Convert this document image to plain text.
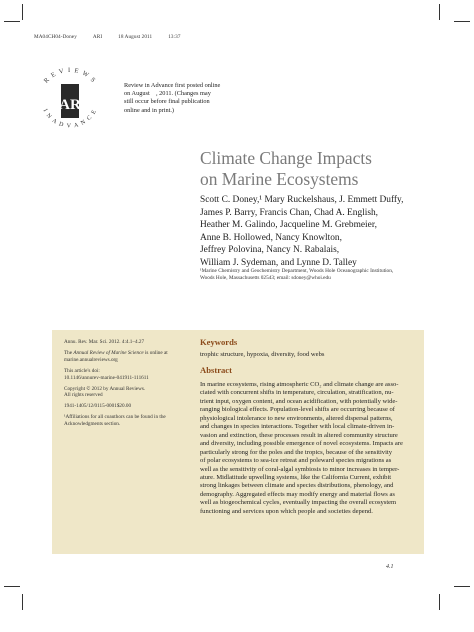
MA04CH04-Doney	ARI	18 August 2011	13:37
R E V I E W S
I N A D V A N C E
AR
Review in Advance first posted online
on August    , 2011. (Changes may
still occur before final publication
online and in print.)
Climate Change Impacts
on Marine Ecosystems
Scott C. Doney,¹ Mary Ruckelshaus, J. Emmett Duffy,
James P. Barry, Francis Chan, Chad A. English,
Heather M. Galindo, Jacqueline M. Grebmeier,
Anne B. Hollowed, Nancy Knowlton,
Jeffrey Polovina, Nancy N. Rabalais,
William J. Sydeman, and Lynne D. Talley
¹Marine Chemistry and Geochemistry Department, Woods Hole Oceanographic Institution,
Woods Hole, Massachusetts 02543; email: sdoney@whoi.edu

Annu. Rev. Mar. Sci. 2012. 4:4.1–4.27

The Annual Review of Marine Science is online at
marine.annualreviews.org

This article's doi:
10.1146/annurev-marine-041911-111611

Copyright © 2012 by Annual Reviews.
All rights reserved

1941-1405/12/0115-0001$20.00

¹Affiliations for all coauthors can be found in the
Acknowledgments section.

Keywords
trophic structure, hypoxia, diversity, food webs
Abstract
In marine ecosystems, rising atmospheric CO₂ and climate change are asso-
ciated with concurrent shifts in temperature, circulation, stratification, nu-
trient input, oxygen content, and ocean acidification, with potentially wide-
ranging biological effects. Population-level shifts are occurring because of
physiological intolerance to new environments, altered dispersal patterns,
and changes in species interactions. Together with local climate-driven in-
vasion and extinction, these processes result in altered community structure
and diversity, including possible emergence of novel ecosystems. Impacts are
particularly strong for the poles and the tropics, because of the sensitivity
of polar ecosystems to sea-ice retreat and poleward species migrations as
well as the sensitivity of coral-algal symbiosis to minor increases in temper-
ature. Midlatitude upwelling systems, like the California Current, exhibit
strong linkages between climate and species distributions, phenology, and
demography. Aggregated effects may modify energy and material flows as
well as biogeochemical cycles, eventually impacting the overall ecosystem
functioning and services upon which people and societies depend.
4.1
